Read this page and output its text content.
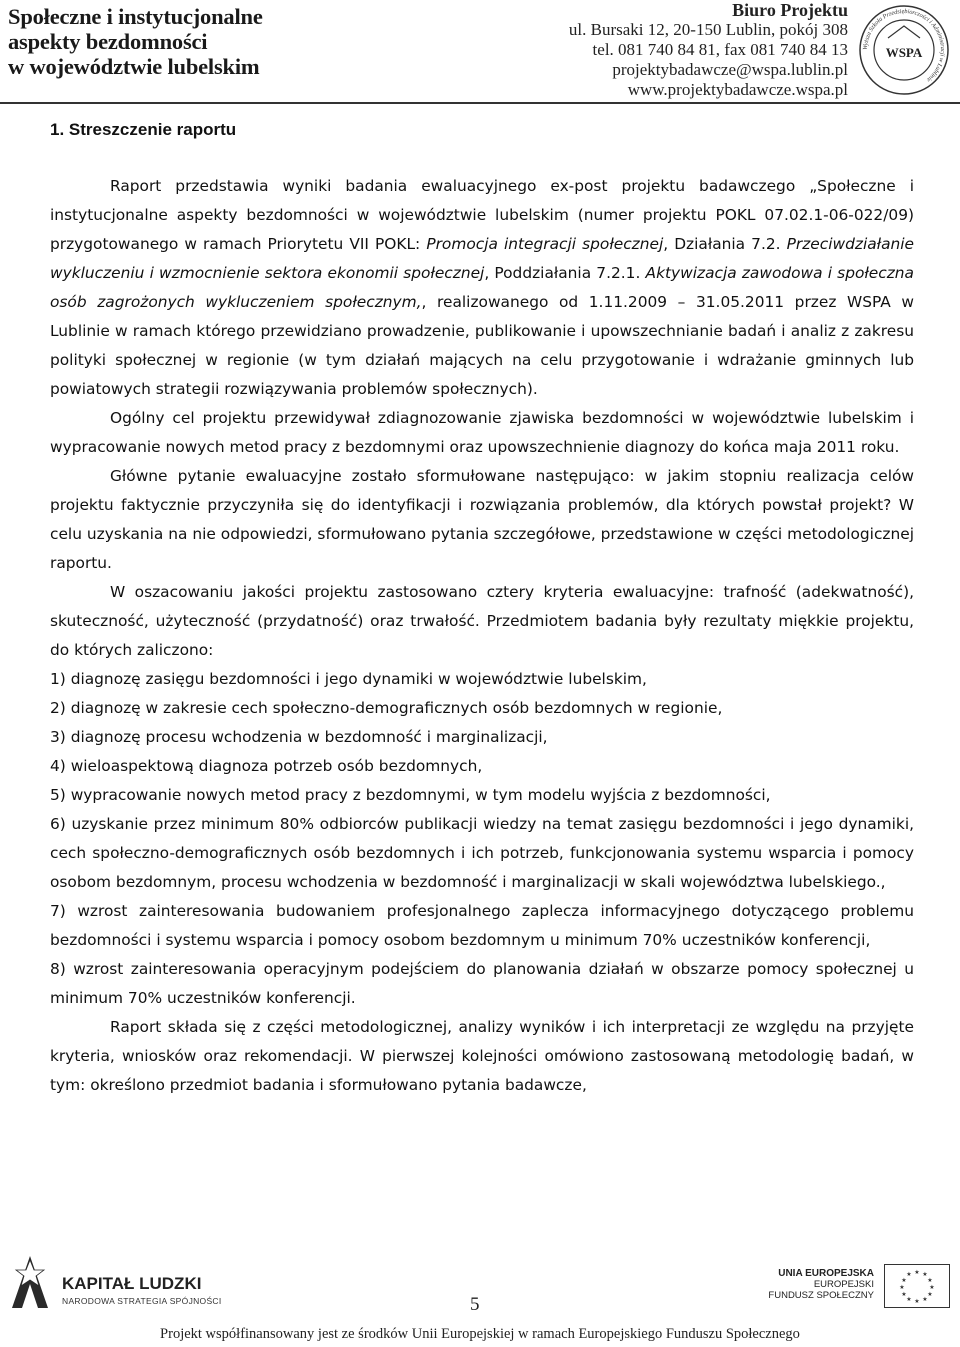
Społeczne i instytucjonalne
aspekty bezdomności
w województwie lubelskim
Biuro Projektu
ul. Bursaki 12, 20-150 Lublin, pokój 308
tel. 081 740 84 81, fax 081 740 84 13
projektybadawcze@wspa.lublin.pl
www.projektybadawcze.wspa.pl
Wyższa Szkoła Przedsiębiorczości i Administracji w Lublinie
WSPA
1. Streszczenie raportu

Raport przedstawia wyniki badania ewaluacyjnego ex-post projektu badawczego „Społeczne i instytucjonalne aspekty bezdomności w województwie lubelskim (numer projektu POKL 07.02.1-06-022/09) przygotowanego w ramach Priorytetu VII POKL: Promocja integracji społecznej, Działania 7.2. Przeciwdziałanie wykluczeniu i wzmocnienie sektora ekonomii społecznej, Poddziałania 7.2.1. Aktywizacja zawodowa i społeczna osób zagrożonych wykluczeniem społecznym,, realizowanego od 1.11.2009 – 31.05.2011 przez WSPA w Lublinie w ramach którego przewidziano prowadzenie, publikowanie i upowszechnianie badań i analiz z zakresu polityki społecznej w regionie (w tym działań mających na celu przygotowanie i wdrażanie gminnych lub powiatowych strategii rozwiązywania problemów społecznych).

Ogólny cel projektu przewidywał zdiagnozowanie zjawiska bezdomności w województwie lubelskim i wypracowanie nowych metod pracy z bezdomnymi oraz upowszechnienie diagnozy do końca maja 2011 roku.

Główne pytanie ewaluacyjne zostało sformułowane następująco: w jakim stopniu realizacja celów projektu faktycznie przyczyniła się do identyfikacji i rozwiązania problemów, dla których powstał projekt? W celu uzyskania na nie odpowiedzi, sformułowano pytania szczegółowe, przedstawione w części metodologicznej raportu.

W oszacowaniu jakości projektu zastosowano cztery kryteria ewaluacyjne: trafność (adekwatność), skuteczność, użyteczność (przydatność) oraz trwałość. Przedmiotem badania były rezultaty miękkie projektu, do których zaliczono:

1) diagnozę zasięgu bezdomności i jego dynamiki w województwie lubelskim,

2) diagnozę w zakresie cech społeczno-demograficznych osób bezdomnych w regionie,

3) diagnozę procesu wchodzenia w bezdomność i marginalizacji,

4) wieloaspektową diagnoza potrzeb osób bezdomnych,

5) wypracowanie nowych metod pracy z bezdomnymi, w tym modelu wyjścia z bezdomności,

6) uzyskanie przez minimum 80% odbiorców publikacji wiedzy na temat zasięgu bezdomności i jego dynamiki, cech społeczno-demograficznych osób bezdomnych i ich potrzeb, funkcjonowania systemu wsparcia i pomocy osobom bezdomnym, procesu wchodzenia w bezdomność i marginalizacji w skali województwa lubelskiego.,

7) wzrost zainteresowania budowaniem profesjonalnego zaplecza informacyjnego dotyczącego problemu bezdomności i systemu wsparcia i pomocy osobom bezdomnym u minimum 70% uczestników konferencji,

8) wzrost zainteresowania operacyjnym podejściem do planowania działań w obszarze pomocy społecznej u minimum 70% uczestników konferencji.

Raport składa się z części metodologicznej, analizy wyników i ich interpretacji ze względu na przyjęte kryteria, wniosków oraz rekomendacji. W pierwszej kolejności omówiono zastosowaną metodologię badań, w tym: określono przedmiot badania i sformułowano pytania badawcze,

KAPITAŁ LUDZKI
NARODOWA STRATEGIA SPÓJNOŚCI	5
UNIA EUROPEJSKA
EUROPEJSKI
FUNDUSZ SPOŁECZNY
★ ★
★
★
★
★
★
★
★
★
★
★
Projekt współfinansowany jest ze środków Unii Europejskiej w ramach Europejskiego Funduszu Społecznego
